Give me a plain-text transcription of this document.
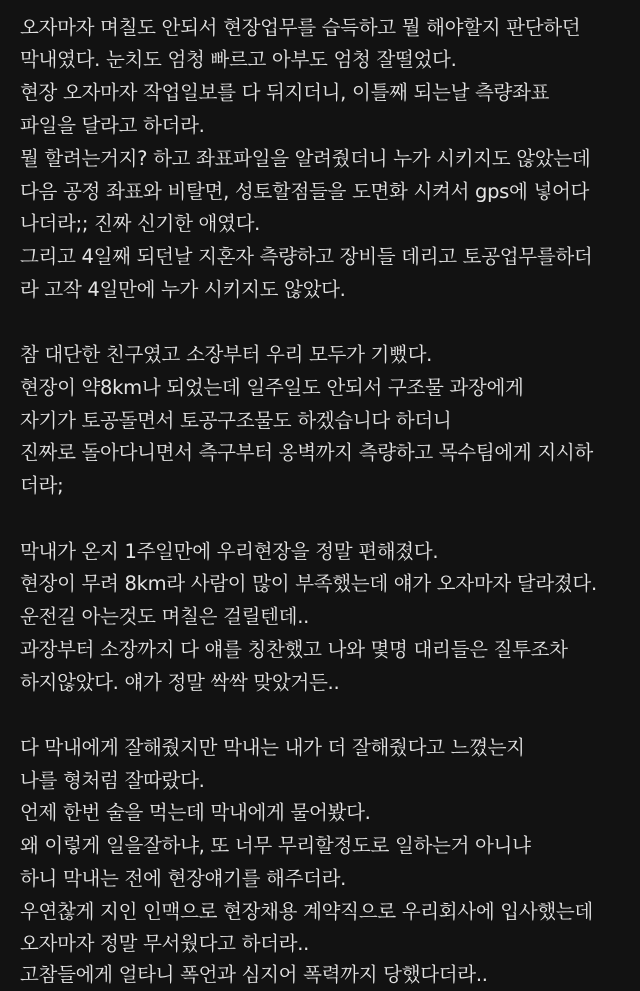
오자마자 며칠도 안되서 현장업무를 습득하고 뭘 해야할지 판단하던
막내였다. 눈치도 엄청 빠르고 아부도 엄청 잘떨었다.
현장 오자마자 작업일보를 다 뒤지더니, 이틀째 되는날 측량좌표
파일을 달라고 하더라.
뭘 할려는거지? 하고 좌표파일을 알려줬더니 누가 시키지도 않았는데
다음 공정 좌표와 비탈면, 성토할점들을 도면화 시켜서 gps에 넣어다
나더라;; 진짜 신기한 애였다.
그리고 4일째 되던날 지혼자 측량하고 장비들 데리고 토공업무를하더
라 고작 4일만에 누가 시키지도 않았다.
참 대단한 친구였고 소장부터 우리 모두가 기뻤다.
현장이 약8km나 되었는데 일주일도 안되서 구조물 과장에게
자기가 토공돌면서 토공구조물도 하겠습니다 하더니
진짜로 돌아다니면서 측구부터 옹벽까지 측량하고 목수팀에게 지시하
더라;
막내가 온지 1주일만에 우리현장을 정말 편해졌다.
현장이 무려 8km라 사람이 많이 부족했는데 얘가 오자마자 달라졌다.
운전길 아는것도 며칠은 걸릴텐데..
과장부터 소장까지 다 얘를 칭찬했고 나와 몇명 대리들은 질투조차
하지않았다. 얘가 정말 싹싹 맞았거든..
다 막내에게 잘해줬지만 막내는 내가 더 잘해줬다고 느꼈는지
나를 형처럼 잘따랐다.
언제 한번 술을 먹는데 막내에게 물어봤다.
왜 이렇게 일을잘하냐, 또 너무 무리할정도로 일하는거 아니냐
하니 막내는 전에 현장얘기를 해주더라.
우연찮게 지인 인맥으로 현장채용 계약직으로 우리회사에 입사했는데
오자마자 정말 무서웠다고 하더라..
고참들에게 얼타니 폭언과 심지어 폭력까지 당했다더라..
